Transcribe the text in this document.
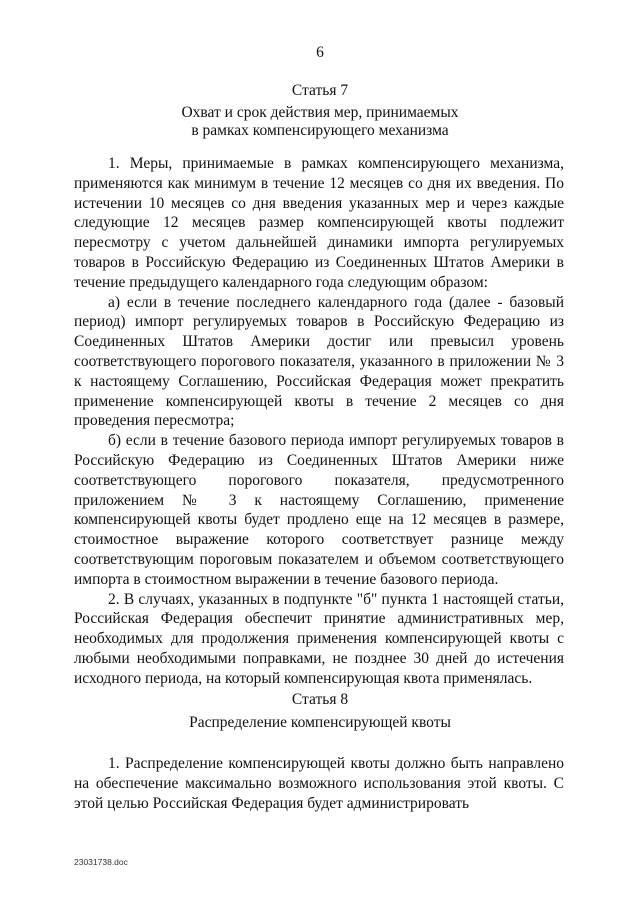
6
Статья 7
Охват и срок действия мер, принимаемых
в рамках компенсирующего механизма

1. Меры, принимаемые в рамках компенсирующего механизма, применяются как минимум в течение 12 месяцев со дня их введения. По истечении 10 месяцев со дня введения указанных мер и через каждые следующие 12 месяцев размер компенсирующей квоты подлежит пересмотру с учетом дальнейшей динамики импорта регулируемых товаров в Российскую Федерацию из Соединенных Штатов Америки в течение предыдущего календарного года следующим образом:

а) если в течение последнего календарного года (далее - базовый период) импорт регулируемых товаров в Российскую Федерацию из Соединенных Штатов Америки достиг или превысил уровень соответствующего порогового показателя, указанного в приложении № 3 к настоящему Соглашению, Российская Федерация может прекратить применение компенсирующей квоты в течение 2 месяцев со дня проведения пересмотра;

б) если в течение базового периода импорт регулируемых товаров в Российскую Федерацию из Соединенных Штатов Америки ниже соответствующего порогового показателя, предусмотренного приложением № 3 к настоящему Соглашению, применение компенсирующей квоты будет продлено еще на 12 месяцев в размере, стоимостное выражение которого соответствует разнице между соответствующим пороговым показателем и объемом соответствующего импорта в стоимостном выражении в течение базового периода.

2. В случаях, указанных в подпункте "б" пункта 1 настоящей статьи, Российская Федерация обеспечит принятие административных мер, необходимых для продолжения применения компенсирующей квоты с любыми необходимыми поправками, не позднее 30 дней до истечения исходного периода, на который компенсирующая квота применялась.

Статья 8
Распределение компенсирующей квоты

1. Распределение компенсирующей квоты должно быть направлено на обеспечение максимально возможного использования этой квоты. С этой целью Российская Федерация будет администрировать

23031738.doc
